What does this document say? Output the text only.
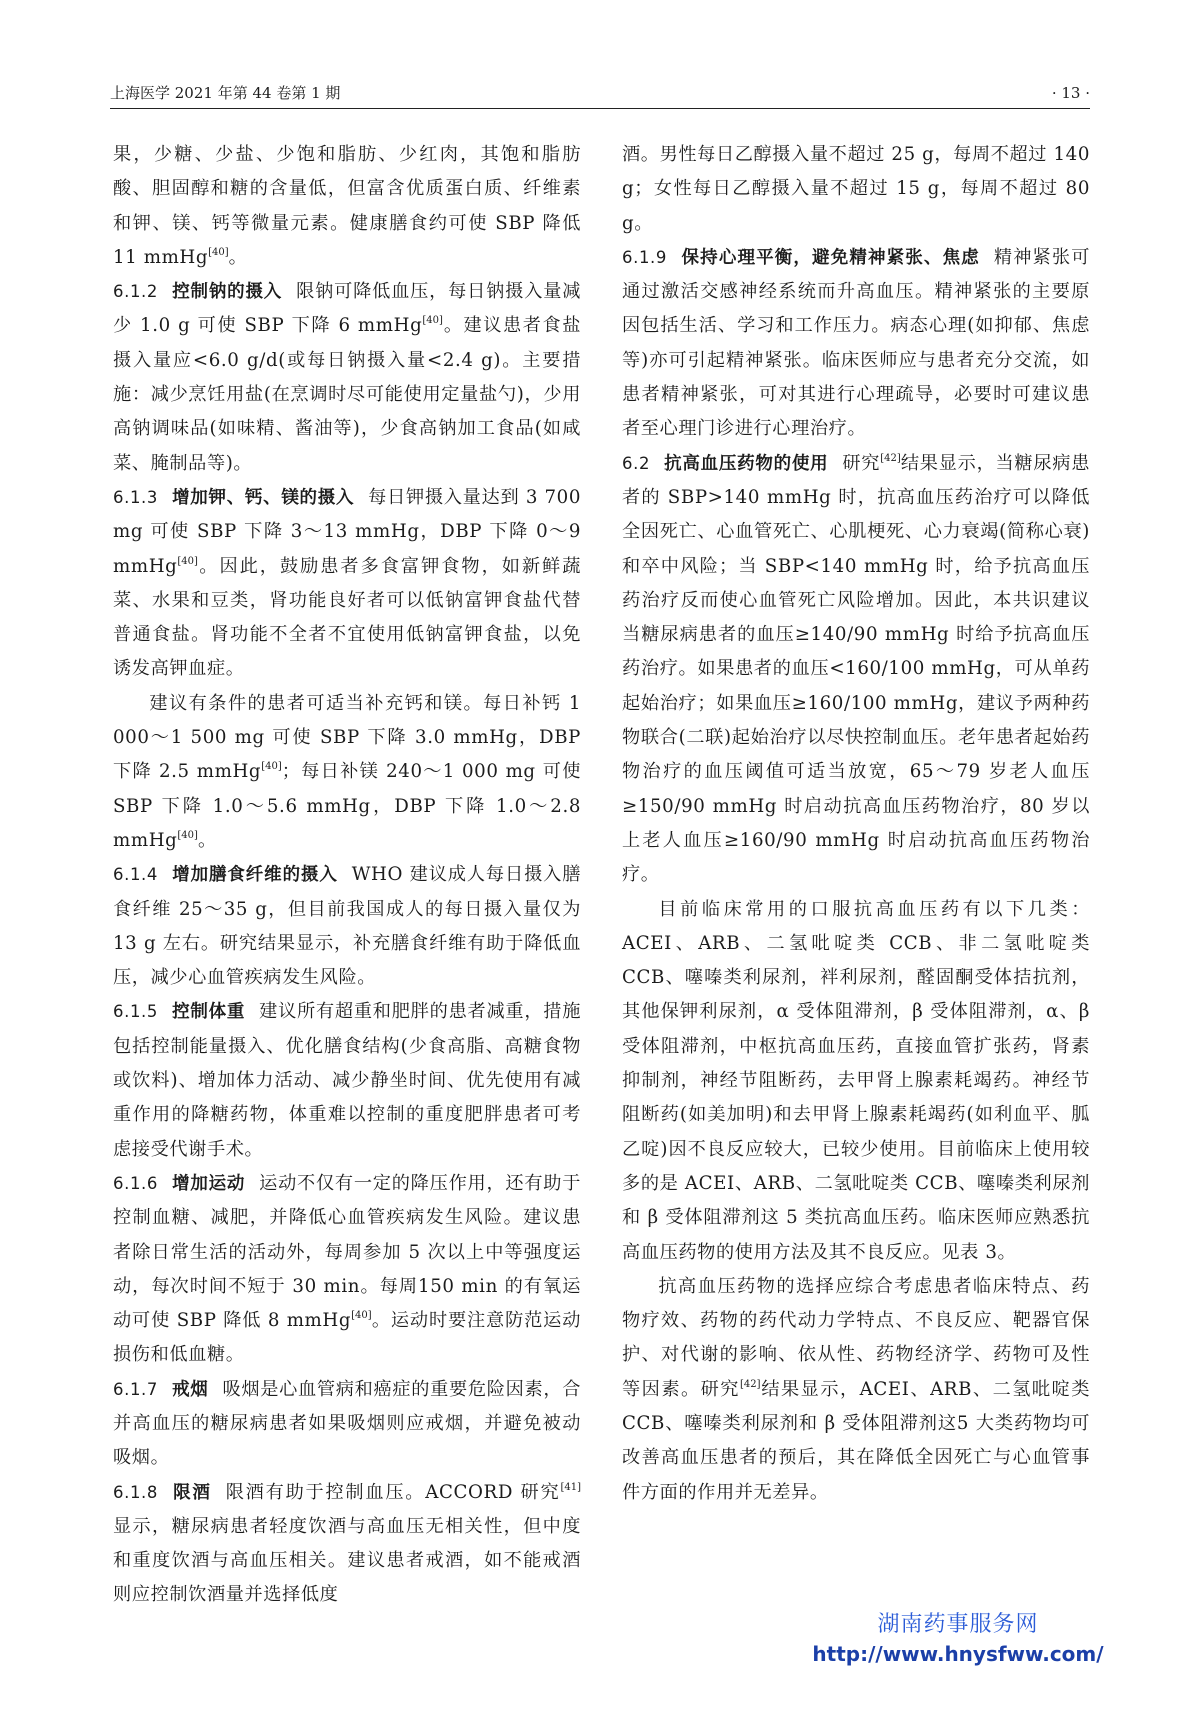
上海医学 2021 年第 44 卷第 1 期	· 13 ·

果，少糖、少盐、少饱和脂肪、少红肉，其饱和脂肪酸、胆固醇和糖的含量低，但富含优质蛋白质、纤维素和钾、镁、钙等微量元素。健康膳食约可使 SBP 降低 11 mmHg[40]。

6.1.2 控制钠的摄入 限钠可降低血压，每日钠摄入量减少 1.0 g 可使 SBP 下降 6 mmHg[40]。建议患者食盐摄入量应<6.0 g/d(或每日钠摄入量<2.4 g)。主要措施：减少烹饪用盐(在烹调时尽可能使用定量盐勺)，少用高钠调味品(如味精、酱油等)，少食高钠加工食品(如咸菜、腌制品等)。

6.1.3 增加钾、钙、镁的摄入 每日钾摄入量达到 3 700 mg 可使 SBP 下降 3～13 mmHg，DBP 下降 0～9 mmHg[40]。因此，鼓励患者多食富钾食物，如新鲜蔬菜、水果和豆类，肾功能良好者可以低钠富钾食盐代替普通食盐。肾功能不全者不宜使用低钠富钾食盐，以免诱发高钾血症。

建议有条件的患者可适当补充钙和镁。每日补钙 1 000～1 500 mg 可使 SBP 下降 3.0 mmHg，DBP 下降 2.5 mmHg[40]；每日补镁 240～1 000 mg 可使 SBP 下降 1.0～5.6 mmHg，DBP 下降 1.0～2.8 mmHg[40]。

6.1.4 增加膳食纤维的摄入 WHO 建议成人每日摄入膳食纤维 25～35 g，但目前我国成人的每日摄入量仅为 13 g 左右。研究结果显示，补充膳食纤维有助于降低血压，减少心血管疾病发生风险。

6.1.5 控制体重 建议所有超重和肥胖的患者减重，措施包括控制能量摄入、优化膳食结构(少食高脂、高糖食物或饮料)、增加体力活动、减少静坐时间、优先使用有减重作用的降糖药物，体重难以控制的重度肥胖患者可考虑接受代谢手术。

6.1.6 增加运动 运动不仅有一定的降压作用，还有助于控制血糖、减肥，并降低心血管疾病发生风险。建议患者除日常生活的活动外，每周参加 5 次以上中等强度运动，每次时间不短于 30 min。每周150 min 的有氧运动可使 SBP 降低 8 mmHg[40]。运动时要注意防范运动损伤和低血糖。

6.1.7 戒烟 吸烟是心血管病和癌症的重要危险因素，合并高血压的糖尿病患者如果吸烟则应戒烟，并避免被动吸烟。

6.1.8 限酒 限酒有助于控制血压。ACCORD 研究[41]显示，糖尿病患者轻度饮酒与高血压无相关性，但中度和重度饮酒与高血压相关。建议患者戒酒，如不能戒酒则应控制饮酒量并选择低度

酒。男性每日乙醇摄入量不超过 25 g，每周不超过 140 g；女性每日乙醇摄入量不超过 15 g，每周不超过 80 g。

6.1.9 保持心理平衡，避免精神紧张、焦虑 精神紧张可通过激活交感神经系统而升高血压。精神紧张的主要原因包括生活、学习和工作压力。病态心理(如抑郁、焦虑等)亦可引起精神紧张。临床医师应与患者充分交流，如患者精神紧张，可对其进行心理疏导，必要时可建议患者至心理门诊进行心理治疗。

6.2 抗高血压药物的使用 研究[42]结果显示，当糖尿病患者的 SBP>140 mmHg 时，抗高血压药治疗可以降低全因死亡、心血管死亡、心肌梗死、心力衰竭(简称心衰)和卒中风险；当 SBP<140 mmHg 时，给予抗高血压药治疗反而使心血管死亡风险增加。因此，本共识建议当糖尿病患者的血压≥140/90 mmHg 时给予抗高血压药治疗。如果患者的血压<160/100 mmHg，可从单药起始治疗；如果血压≥160/100 mmHg，建议予两种药物联合(二联)起始治疗以尽快控制血压。老年患者起始药物治疗的血压阈值可适当放宽，65～79 岁老人血压≥150/90 mmHg 时启动抗高血压药物治疗，80 岁以上老人血压≥160/90 mmHg 时启动抗高血压药物治疗。

目前临床常用的口服抗高血压药有以下几类：ACEI、ARB、二氢吡啶类 CCB、非二氢吡啶类 CCB、噻嗪类利尿剂，袢利尿剂，醛固酮受体拮抗剂，其他保钾利尿剂，α 受体阻滞剂，β 受体阻滞剂，α、β 受体阻滞剂，中枢抗高血压药，直接血管扩张药，肾素抑制剂，神经节阻断药，去甲肾上腺素耗竭药。神经节阻断药(如美加明)和去甲肾上腺素耗竭药(如利血平、胍乙啶)因不良反应较大，已较少使用。目前临床上使用较多的是 ACEI、ARB、二氢吡啶类 CCB、噻嗪类利尿剂和 β 受体阻滞剂这 5 类抗高血压药。临床医师应熟悉抗高血压药物的使用方法及其不良反应。见表 3。

抗高血压药物的选择应综合考虑患者临床特点、药物疗效、药物的药代动力学特点、不良反应、靶器官保护、对代谢的影响、依从性、药物经济学、药物可及性等因素。研究[42]结果显示，ACEI、ARB、二氢吡啶类 CCB、噻嗪类利尿剂和 β 受体阻滞剂这5 大类药物均可改善高血压患者的预后，其在降低全因死亡与心血管事件方面的作用并无差异。

湖南药事服务网
http://www.hnysfww.com/
